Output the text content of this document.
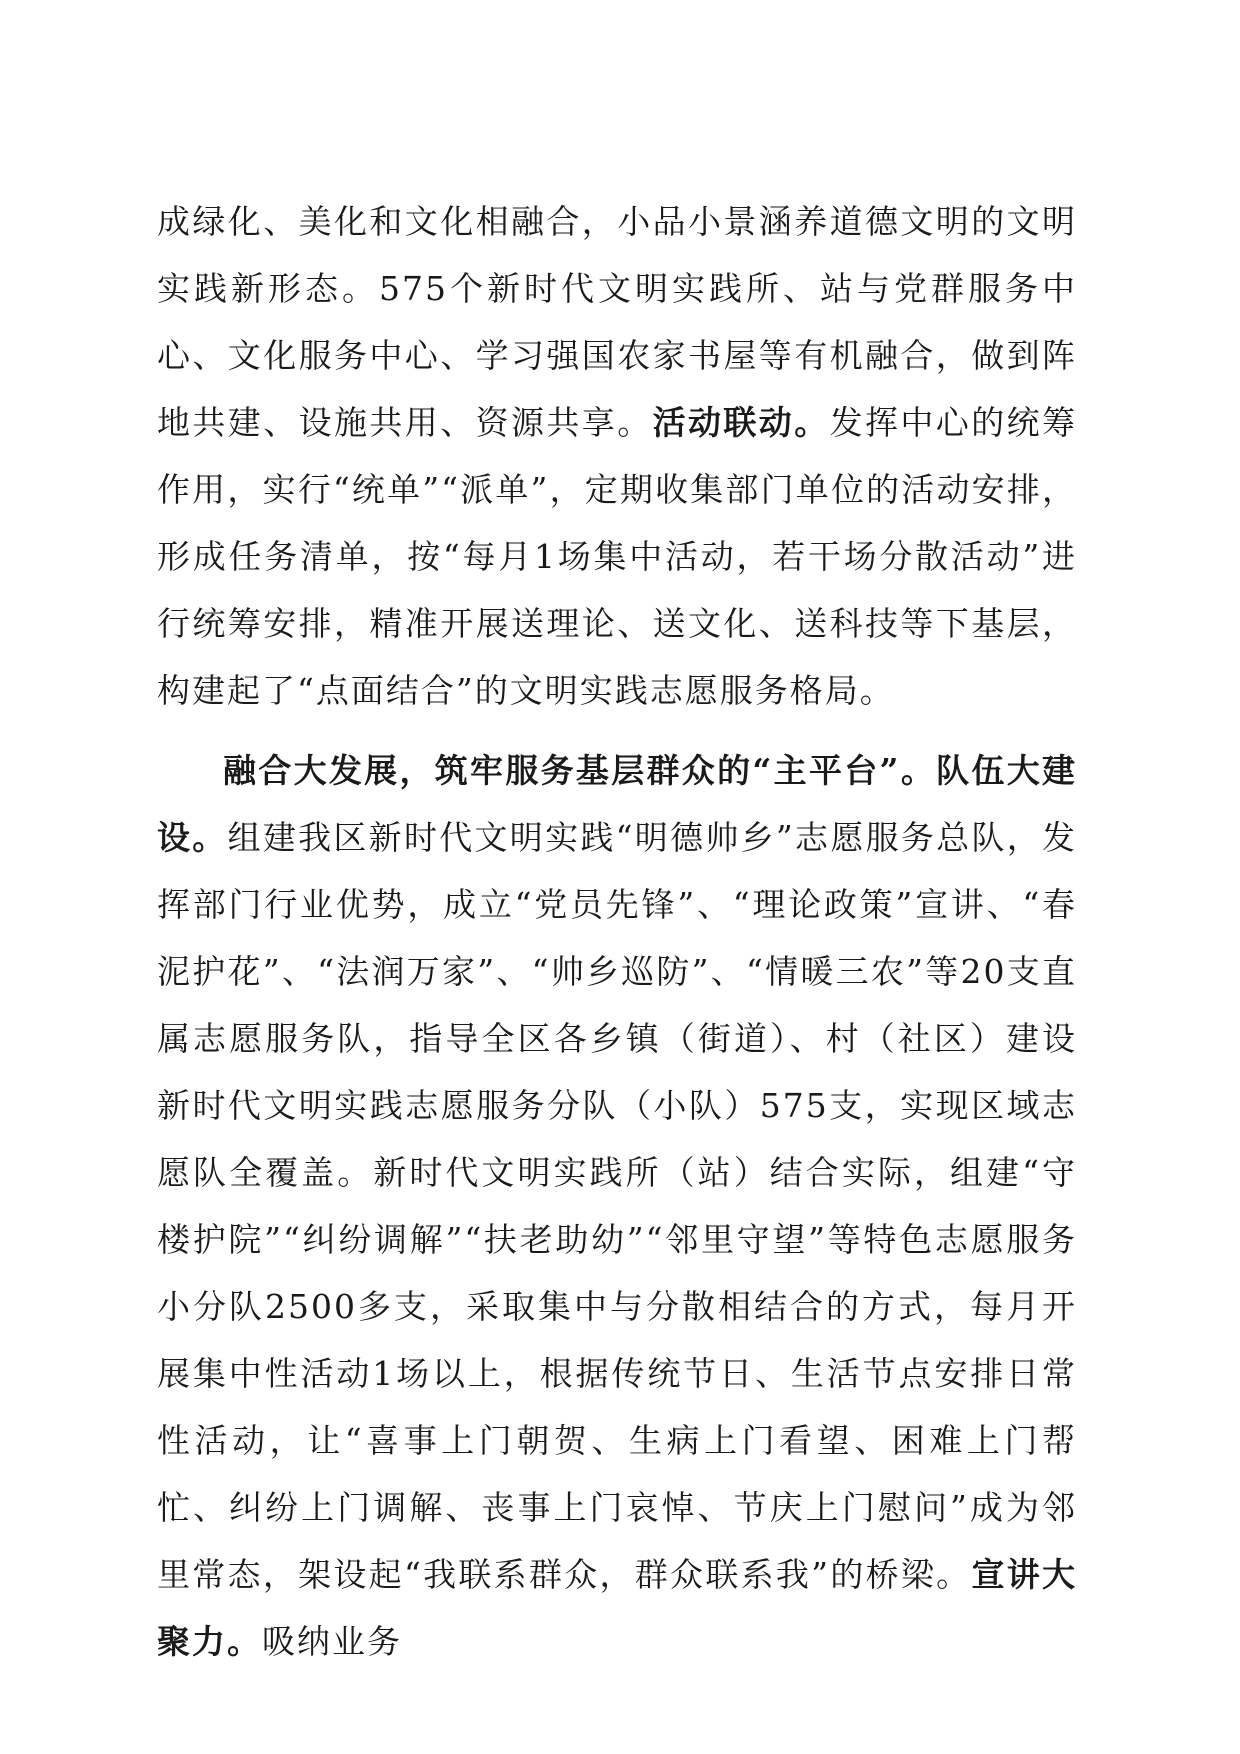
成绿化、美化和文化相融合，小品小景涵养道德文明的文明实践新形态。575个新时代文明实践所、站与党群服务中心、文化服务中心、学习强国农家书屋等有机融合，做到阵地共建、设施共用、资源共享。活动联动。发挥中心的统筹作用，实行“统单”“派单”，定期收集部门单位的活动安排，形成任务清单，按“每月1场集中活动，若干场分散活动”进行统筹安排，精准开展送理论、送文化、送科技等下基层，构建起了“点面结合”的文明实践志愿服务格局。

融合大发展，筑牢服务基层群众的“主平台”。队伍大建设。组建我区新时代文明实践“明德帅乡”志愿服务总队，发挥部门行业优势，成立“党员先锋”、“理论政策”宣讲、“春泥护花”、“法润万家”、“帅乡巡防”、“情暖三农”等20支直属志愿服务队，指导全区各乡镇（街道）、村（社区）建设新时代文明实践志愿服务分队（小队）575支，实现区域志愿队全覆盖。新时代文明实践所（站）结合实际，组建“守楼护院”“纠纷调解”“扶老助幼”“邻里守望”等特色志愿服务小分队2500多支，采取集中与分散相结合的方式，每月开展集中性活动1场以上，根据传统节日、生活节点安排日常性活动，让“喜事上门朝贺、生病上门看望、困难上门帮忙、纠纷上门调解、丧事上门哀悼、节庆上门慰问”成为邻里常态，架设起“我联系群众，群众联系我”的桥梁。宣讲大聚力。吸纳业务
